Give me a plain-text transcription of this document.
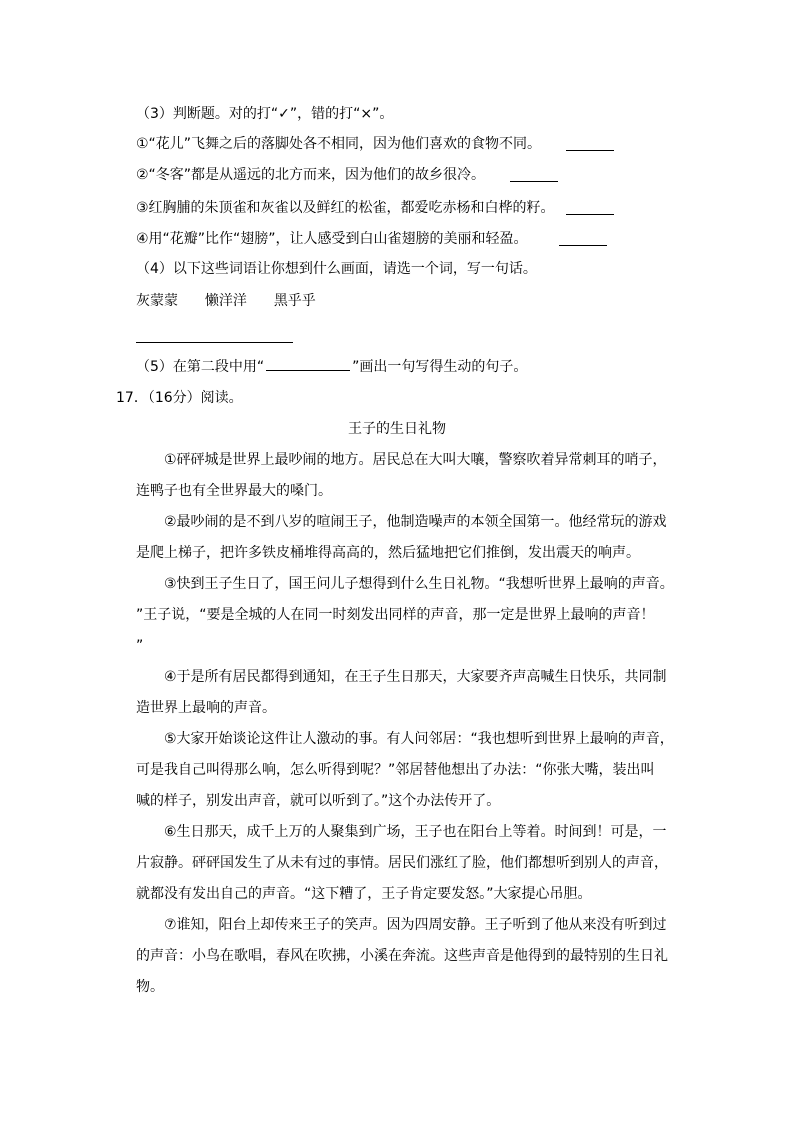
（3）判断题。对的打“✓”，错的打“×”。
①“花儿”飞舞之后的落脚处各不相同，因为他们喜欢的食物不同。
②“冬客”都是从遥远的北方而来，因为他们的故乡很冷。
③红胸脯的朱顶雀和灰雀以及鲜红的松雀，都爱吃赤杨和白桦的籽。
④用“花瓣”比作“翅膀”，让人感受到白山雀翅膀的美丽和轻盈。
（4）以下这些词语让你想到什么画面，请选一个词，写一句话。
灰蒙蒙 懒洋洋 黑乎乎
（5）在第二段中用“	”画出一句写得生动的句子。
17．（16分）阅读。
王子的生日礼物
①砰砰城是世界上最吵闹的地方。居民总在大叫大嚷，警察吹着异常刺耳的哨子，
连鸭子也有全世界最大的嗓门。
②最吵闹的是不到八岁的喧闹王子，他制造噪声的本领全国第一。他经常玩的游戏
是爬上梯子，把许多铁皮桶堆得高高的，然后猛地把它们推倒，发出震天的响声。
③快到王子生日了，国王问儿子想得到什么生日礼物。“我想听世界上最响的声音。
”王子说，“要是全城的人在同一时刻发出同样的声音，那一定是世界上最响的声音！
”
④于是所有居民都得到通知，在王子生日那天，大家要齐声高喊生日快乐，共同制
造世界上最响的声音。
⑤大家开始谈论这件让人激动的事。有人问邻居：“我也想听到世界上最响的声音，
可是我自己叫得那么响，怎么听得到呢？”邻居替他想出了办法：“你张大嘴，装出叫
喊的样子，别发出声音，就可以听到了。”这个办法传开了。
⑥生日那天，成千上万的人聚集到广场，王子也在阳台上等着。时间到！可是，一
片寂静。砰砰国发生了从未有过的事情。居民们涨红了脸，他们都想听到别人的声音，
就都没有发出自己的声音。“这下糟了，王子肯定要发怒。”大家提心吊胆。
⑦谁知，阳台上却传来王子的笑声。因为四周安静。王子听到了他从来没有听到过
的声音：小鸟在歌唱，春风在吹拂，小溪在奔流。这些声音是他得到的最特别的生日礼
物。
